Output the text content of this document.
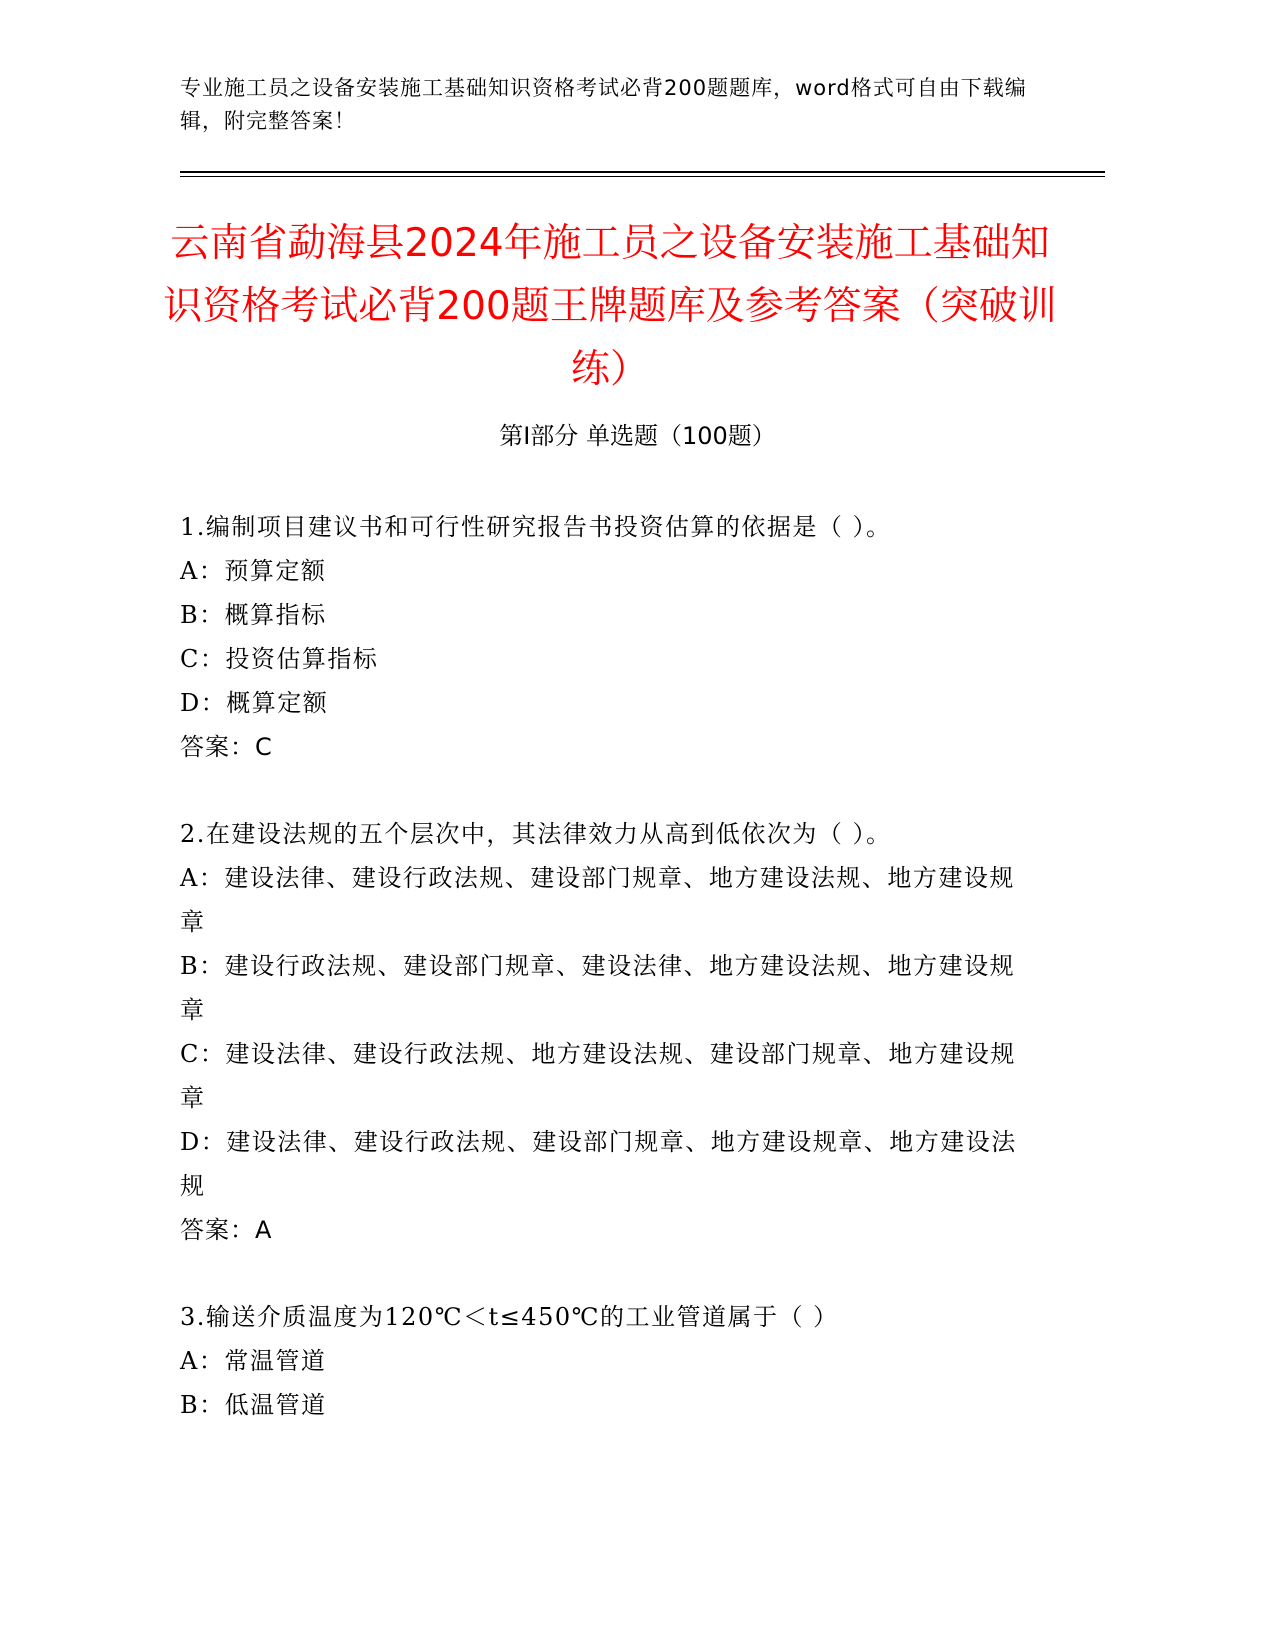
专业施工员之设备安装施工基础知识资格考试必背200题题库，word格式可自由下载编辑，附完整答案！
云南省勐海县2024年施工员之设备安装施工基础知识资格考试必背200题王牌题库及参考答案（突破训练）
第Ⅰ部分 单选题（100题）
1.编制项目建议书和可行性研究报告书投资估算的依据是（ ）。
A：预算定额
B：概算指标
C：投资估算指标
D：概算定额
答案：C
2.在建设法规的五个层次中，其法律效力从高到低依次为（ ）。
A：建设法律、建设行政法规、建设部门规章、地方建设法规、地方建设规章
B：建设行政法规、建设部门规章、建设法律、地方建设法规、地方建设规章
C：建设法律、建设行政法规、地方建设法规、建设部门规章、地方建设规章
D：建设法律、建设行政法规、建设部门规章、地方建设规章、地方建设法规
答案：A
3.输送介质温度为120℃＜t≤450℃的工业管道属于（ ）
A：常温管道
B：低温管道
